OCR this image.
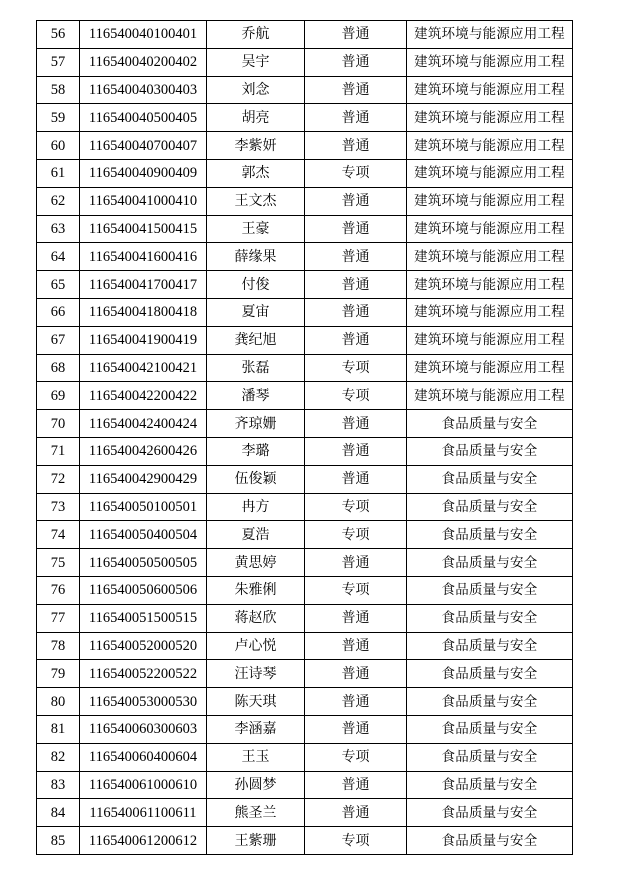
56	116540040100401	乔航	普通	建筑环境与能源应用工程
57	116540040200402	吴宇	普通	建筑环境与能源应用工程
58	116540040300403	刘念	普通	建筑环境与能源应用工程
59	116540040500405	胡亮	普通	建筑环境与能源应用工程
60	116540040700407	李紫妍	普通	建筑环境与能源应用工程
61	116540040900409	郭杰	专项	建筑环境与能源应用工程
62	116540041000410	王文杰	普通	建筑环境与能源应用工程
63	116540041500415	王豪	普通	建筑环境与能源应用工程
64	116540041600416	薛缘果	普通	建筑环境与能源应用工程
65	116540041700417	付俊	普通	建筑环境与能源应用工程
66	116540041800418	夏宙	普通	建筑环境与能源应用工程
67	116540041900419	龚纪旭	普通	建筑环境与能源应用工程
68	116540042100421	张磊	专项	建筑环境与能源应用工程
69	116540042200422	潘琴	专项	建筑环境与能源应用工程
70	116540042400424	齐琼姗	普通	食品质量与安全
71	116540042600426	李璐	普通	食品质量与安全
72	116540042900429	伍俊颖	普通	食品质量与安全
73	116540050100501	冉方	专项	食品质量与安全
74	116540050400504	夏浩	专项	食品质量与安全
75	116540050500505	黄思婷	普通	食品质量与安全
76	116540050600506	朱雅俐	专项	食品质量与安全
77	116540051500515	蒋赵欣	普通	食品质量与安全
78	116540052000520	卢心悦	普通	食品质量与安全
79	116540052200522	汪诗琴	普通	食品质量与安全
80	116540053000530	陈天琪	普通	食品质量与安全
81	116540060300603	李涵嘉	普通	食品质量与安全
82	116540060400604	王玉	专项	食品质量与安全
83	116540061000610	孙圆梦	普通	食品质量与安全
84	116540061100611	熊圣兰	普通	食品质量与安全
85	116540061200612	王紫珊	专项	食品质量与安全
